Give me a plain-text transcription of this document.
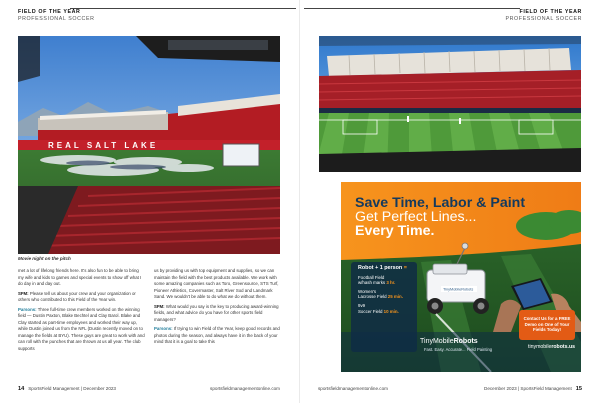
FIELD OF THE YEAR
PROFESSIONAL SOCCER
REAL SALT LAKE
Movie night on the pitch

met a lot of lifelong friends here. It's also fun to be able to bring my wife and kids to games and special events to show off what I do day in and day out.

SFM: Please tell us about your crew and your organization or others who contributed to this Field of the Year win.

Parsons: Three full-time crew members worked on the winning field — Dustin Paxton, Blake Bechtel and Clay Barol. Blake and Clay started as part-time employees and worked their way up, while Dustin joined us from the NFL (Dustin recently moved on to manage the fields at BYU). These guys are great to work with and can roll with the punches that are thrown at us all year. The club supports

us by providing us with top equipment and supplies, so we can maintain the field with the best products available. We work with some amazing companies such as Toro, Greensource, STS Turf, Pioneer Athletics, Covermaster, Salt River Sod and Landmark Sand. We wouldn't be able to do what we do without them.

SFM: What would you say is the key to producing award-winning fields, and what advice do you have for other sports field managers?

Parsons: If trying to win Field of the Year, keep good records and photos during the season, and always have it in the back of your mind that it is a goal to take this

14 SportsField Management | December 2023	sportsfieldmanagementonline.com
FIELD OF THE YEAR
PROFESSIONAL SOCCER
TinyMobileRobots
Save Time, Labor & Paint
Get Perfect Lines...
Every Time.
Robot + 1 person =
Football Field
w/hash marks 3 hr.
Women's
Lacrosse Field 25 min.
9v9
Soccer Field 10 min.
Contact Us for a FREE Demo on One of Your Fields Today!
TinyMobileRobots
Fast. Easy. Accurate... Field Painting	tinymobilerobots.us
sportsfieldmanagementonline.com	December 2023 | SportsField Management 15
